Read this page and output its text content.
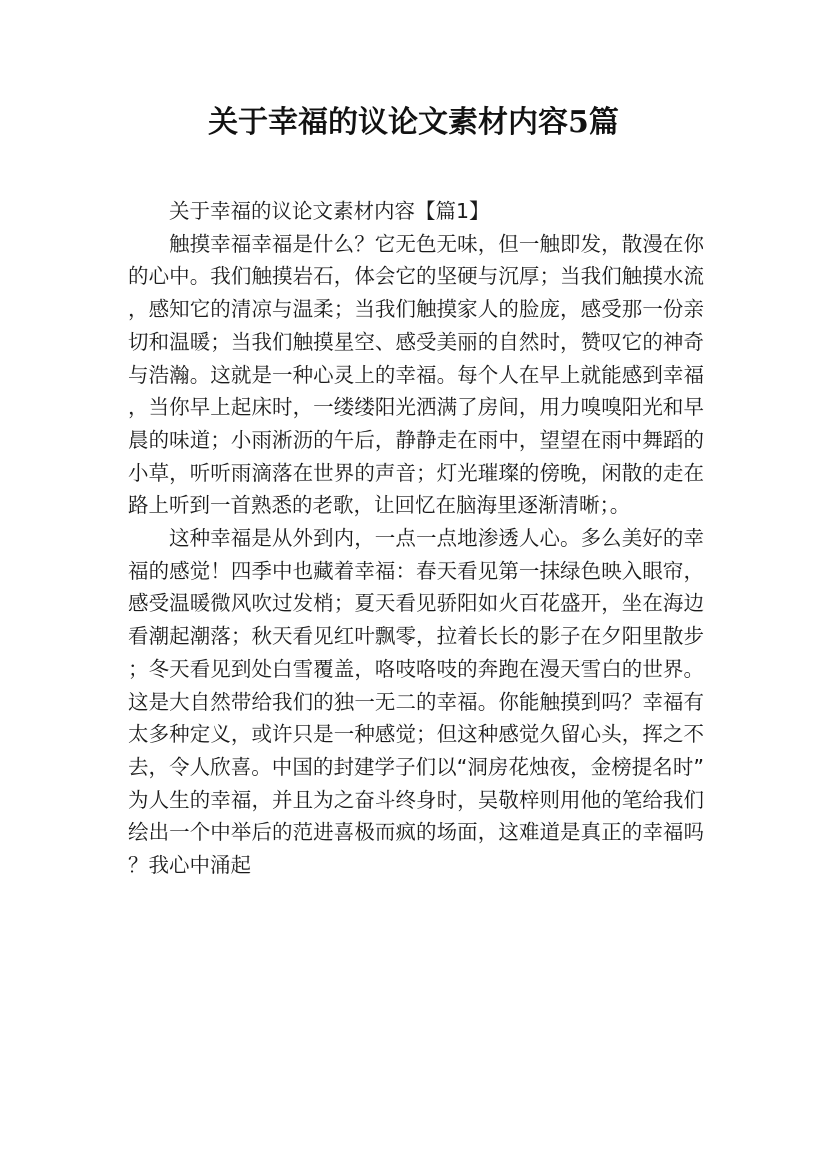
关于幸福的议论文素材内容5篇

关于幸福的议论文素材内容【篇1】

触摸幸福幸福是什么？它无色无味，但一触即发，散漫在你的心中。我们触摸岩石，体会它的坚硬与沉厚；当我们触摸水流，感知它的清凉与温柔；当我们触摸家人的脸庞，感受那一份亲切和温暖；当我们触摸星空、感受美丽的自然时，赞叹它的神奇与浩瀚。这就是一种心灵上的幸福。每个人在早上就能感到幸福，当你早上起床时，一缕缕阳光洒满了房间，用力嗅嗅阳光和早晨的味道；小雨淅沥的午后，静静走在雨中，望望在雨中舞蹈的小草，听听雨滴落在世界的声音；灯光璀璨的傍晚，闲散的走在路上听到一首熟悉的老歌，让回忆在脑海里逐渐清晰；。

这种幸福是从外到内，一点一点地渗透人心。多么美好的幸福的感觉！四季中也藏着幸福：春天看见第一抹绿色映入眼帘，感受温暖微风吹过发梢；夏天看见骄阳如火百花盛开，坐在海边看潮起潮落；秋天看见红叶飘零，拉着长长的影子在夕阳里散步；冬天看见到处白雪覆盖，咯吱咯吱的奔跑在漫天雪白的世界。这是大自然带给我们的独一无二的幸福。你能触摸到吗？幸福有太多种定义，或许只是一种感觉；但这种感觉久留心头，挥之不去，令人欣喜。中国的封建学子们以“洞房花烛夜，金榜提名时”为人生的幸福，并且为之奋斗终身时，吴敬梓则用他的笔给我们绘出一个中举后的范进喜极而疯的场面，这难道是真正的幸福吗？我心中涌起
